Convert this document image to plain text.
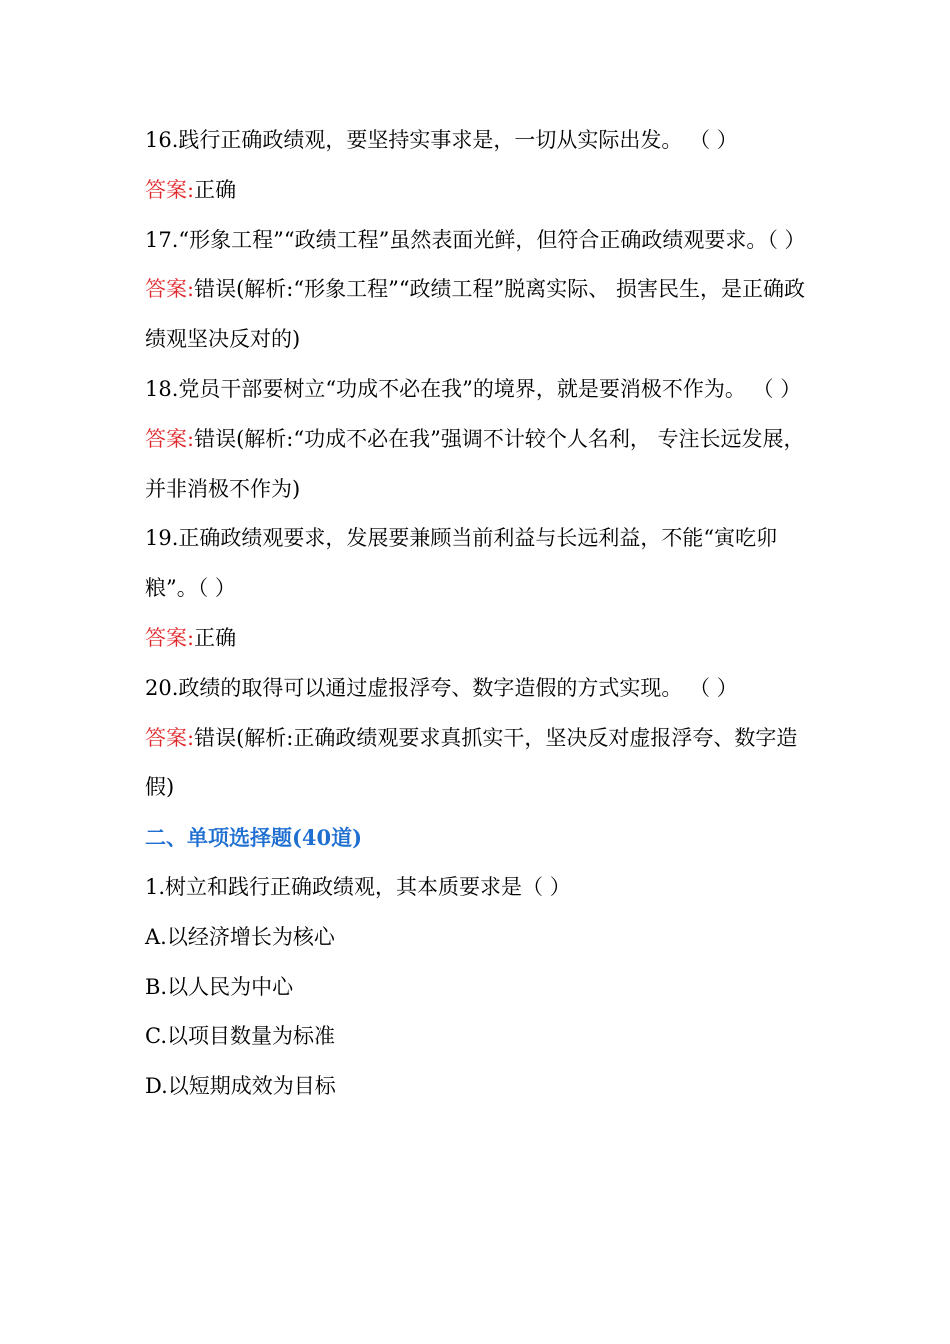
16.践行正确政绩观，要坚持实事求是，一切从实际出发。 （ ）

答案:正确

17.“形象工程”“政绩工程”虽然表面光鲜，但符合正确政绩观要求。（ ）

答案:错误(解析:“形象工程”“政绩工程”脱离实际、 损害民生，是正确政绩观坚决反对的)

18.党员干部要树立“功成不必在我”的境界，就是要消极不作为。 （ ）

答案:错误(解析:“功成不必在我”强调不计较个人名利， 专注长远发展，并非消极不作为)

19.正确政绩观要求，发展要兼顾当前利益与长远利益，不能“寅吃卯粮”。（ ）

答案:正确

20.政绩的取得可以通过虚报浮夸、数字造假的方式实现。 （ ）

答案:错误(解析:正确政绩观要求真抓实干，坚决反对虚报浮夸、数字造假)

二、单项选择题(40道)

1.树立和践行正确政绩观，其本质要求是（ ）

A.以经济增长为核心

B.以人民为中心

C.以项目数量为标准

D.以短期成效为目标
